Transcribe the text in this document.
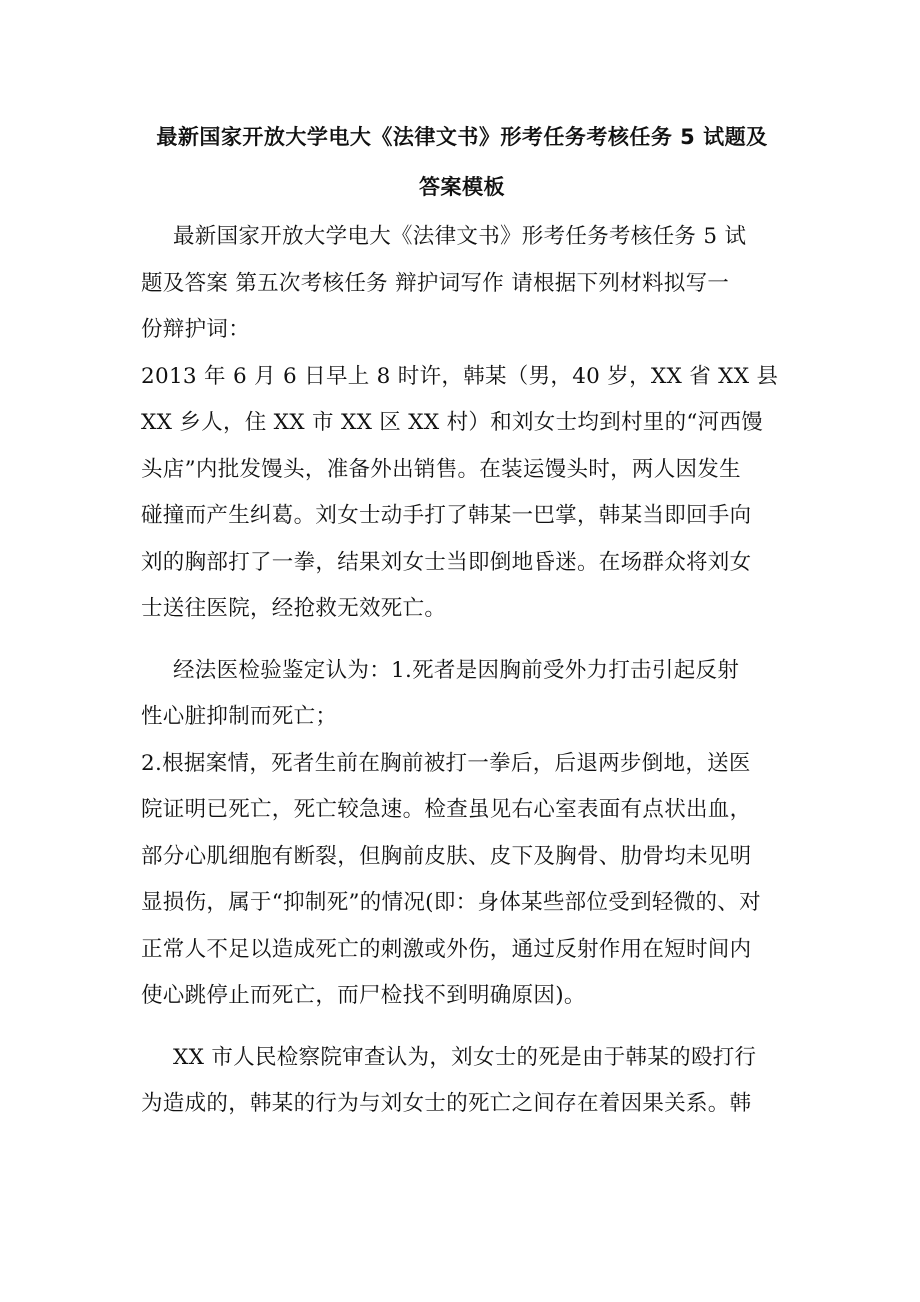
最新国家开放大学电大《法律文书》形考任务考核任务 5 试题及
答案模板

最新国家开放大学电大《法律文书》形考任务考核任务 5 试
题及答案 第五次考核任务 辩护词写作 请根据下列材料拟写一
份辩护词：

2013 年 6 月 6 日早上 8 时许，韩某（男，40 岁，XX 省 XX 县
XX 乡人，住 XX 市 XX 区 XX 村）和刘女士均到村里的“河西馒
头店”内批发馒头，准备外出销售。在装运馒头时，两人因发生
碰撞而产生纠葛。刘女士动手打了韩某一巴掌，韩某当即回手向
刘的胸部打了一拳，结果刘女士当即倒地昏迷。在场群众将刘女
士送往医院，经抢救无效死亡。

经法医检验鉴定认为：1.死者是因胸前受外力打击引起反射
性心脏抑制而死亡；

2.根据案情，死者生前在胸前被打一拳后，后退两步倒地，送医
院证明已死亡，死亡较急速。检查虽见右心室表面有点状出血，
部分心肌细胞有断裂，但胸前皮肤、皮下及胸骨、肋骨均未见明
显损伤，属于“抑制死”的情况(即：身体某些部位受到轻微的、对
正常人不足以造成死亡的刺激或外伤，通过反射作用在短时间内
使心跳停止而死亡，而尸检找不到明确原因)。

XX 市人民检察院审查认为，刘女士的死是由于韩某的殴打行
为造成的，韩某的行为与刘女士的死亡之间存在着因果关系。韩
